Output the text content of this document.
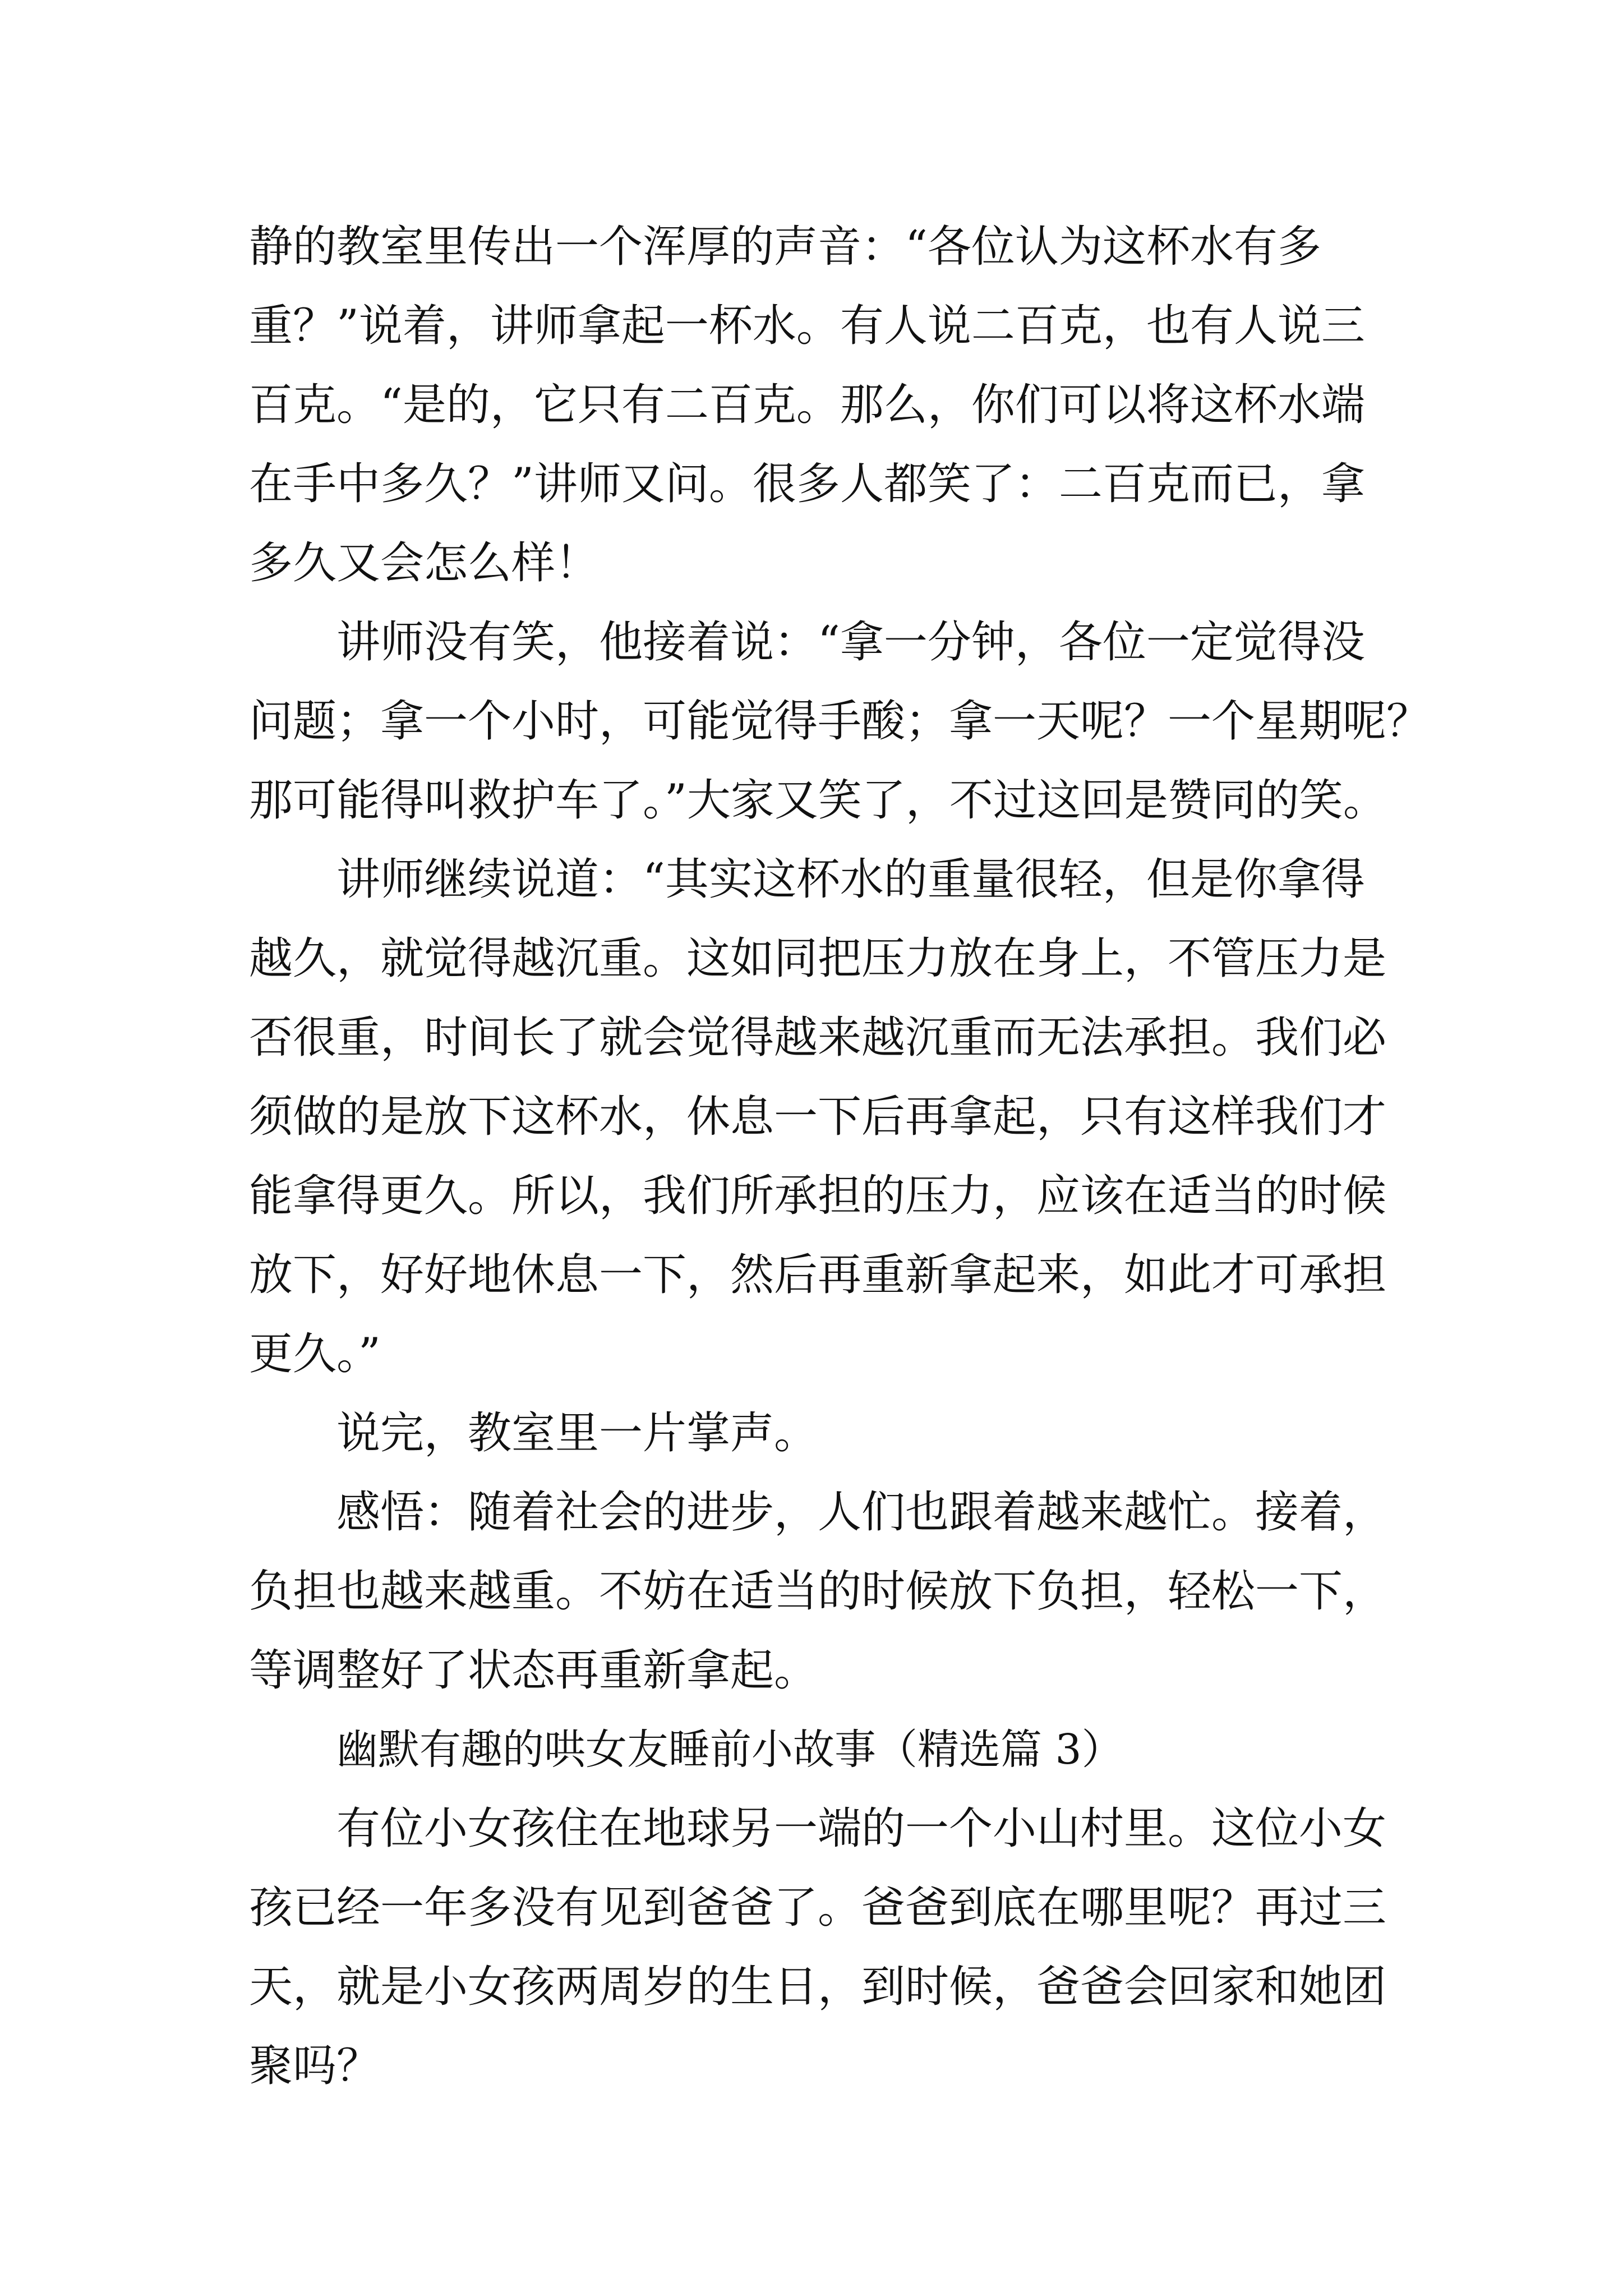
静的教室里传出一个浑厚的声音：“各位认为这杯水有多
重？”说着，讲师拿起一杯水。有人说二百克，也有人说三
百克。“是的，它只有二百克。那么，你们可以将这杯水端
在手中多久？”讲师又问。很多人都笑了：二百克而已，拿
多久又会怎么样！
讲师没有笑，他接着说：“拿一分钟，各位一定觉得没
问题；拿一个小时，可能觉得手酸；拿一天呢？一个星期呢？
那可能得叫救护车了。”大家又笑了，不过这回是赞同的笑。
讲师继续说道：“其实这杯水的重量很轻，但是你拿得
越久，就觉得越沉重。这如同把压力放在身上，不管压力是
否很重，时间长了就会觉得越来越沉重而无法承担。我们必
须做的是放下这杯水，休息一下后再拿起，只有这样我们才
能拿得更久。所以，我们所承担的压力，应该在适当的时候
放下，好好地休息一下，然后再重新拿起来，如此才可承担
更久。”
说完，教室里一片掌声。
感悟：随着社会的进步，人们也跟着越来越忙。接着，
负担也越来越重。不妨在适当的时候放下负担，轻松一下，
等调整好了状态再重新拿起。
幽默有趣的哄女友睡前小故事（精选篇 3）
有位小女孩住在地球另一端的一个小山村里。这位小女
孩已经一年多没有见到爸爸了。爸爸到底在哪里呢？再过三
天，就是小女孩两周岁的生日，到时候，爸爸会回家和她团
聚吗？
